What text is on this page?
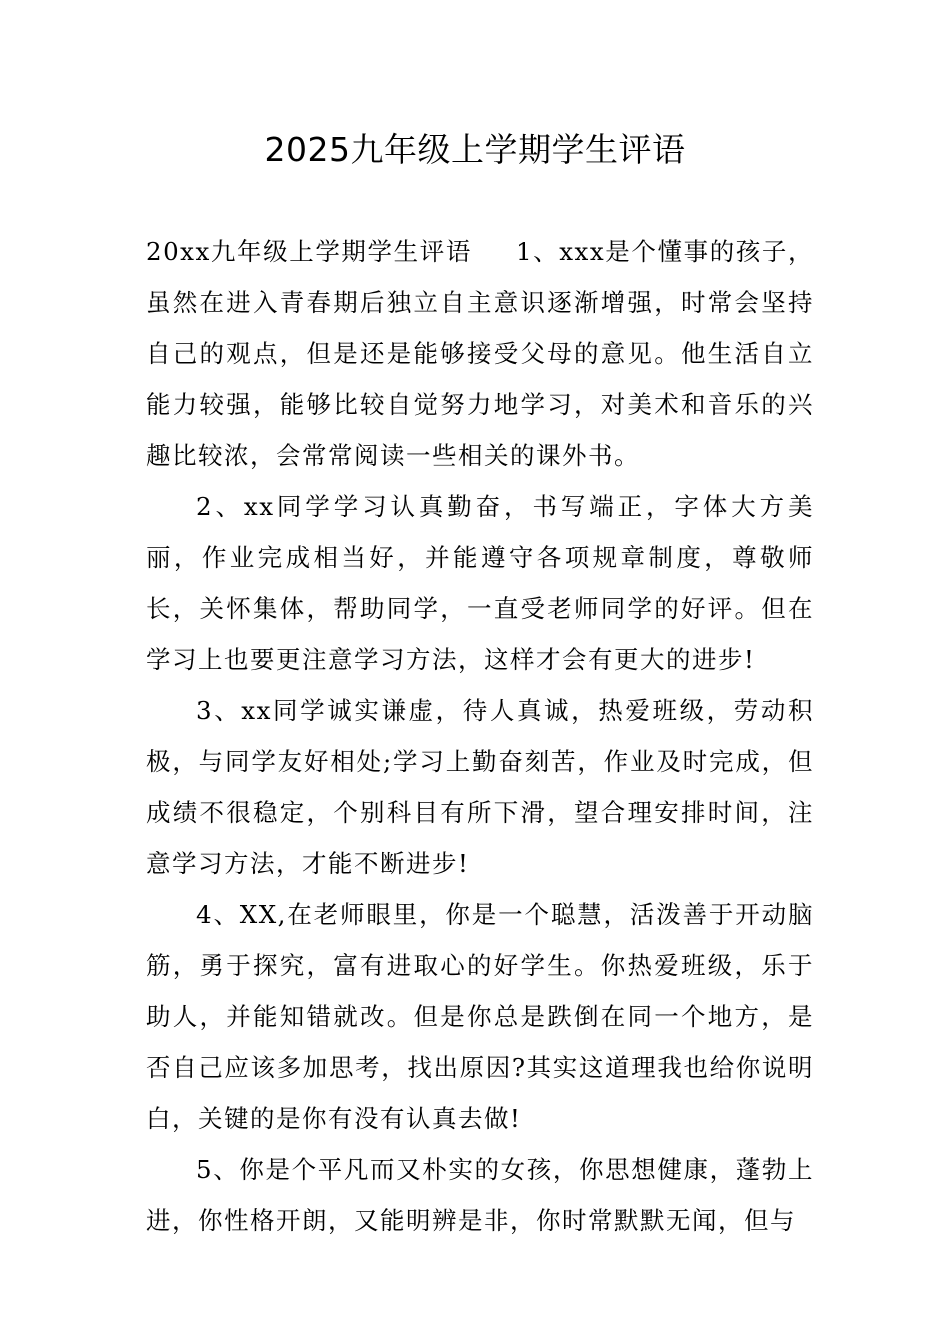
2025九年级上学期学生评语

20xx九年级上学期学生评语 1、xxx是个懂事的孩子，虽然在进入青春期后独立自主意识逐渐增强，时常会坚持自己的观点，但是还是能够接受父母的意见。他生活自立能力较强，能够比较自觉努力地学习，对美术和音乐的兴趣比较浓，会常常阅读一些相关的课外书。

2、xx同学学习认真勤奋，书写端正，字体大方美丽，作业完成相当好，并能遵守各项规章制度，尊敬师长，关怀集体，帮助同学，一直受老师同学的好评。但在学习上也要更注意学习方法，这样才会有更大的进步!

3、xx同学诚实谦虚，待人真诚，热爱班级，劳动积极，与同学友好相处;学习上勤奋刻苦，作业及时完成，但成绩不很稳定，个别科目有所下滑，望合理安排时间，注意学习方法，才能不断进步!

4、XX,在老师眼里，你是一个聪慧，活泼善于开动脑筋，勇于探究，富有进取心的好学生。你热爱班级，乐于助人，并能知错就改。但是你总是跌倒在同一个地方，是否自己应该多加思考，找出原因?其实这道理我也给你说明白，关键的是你有没有认真去做!

5、你是个平凡而又朴实的女孩，你思想健康，蓬勃上进，你性格开朗，又能明辨是非，你时常默默无闻，但与
